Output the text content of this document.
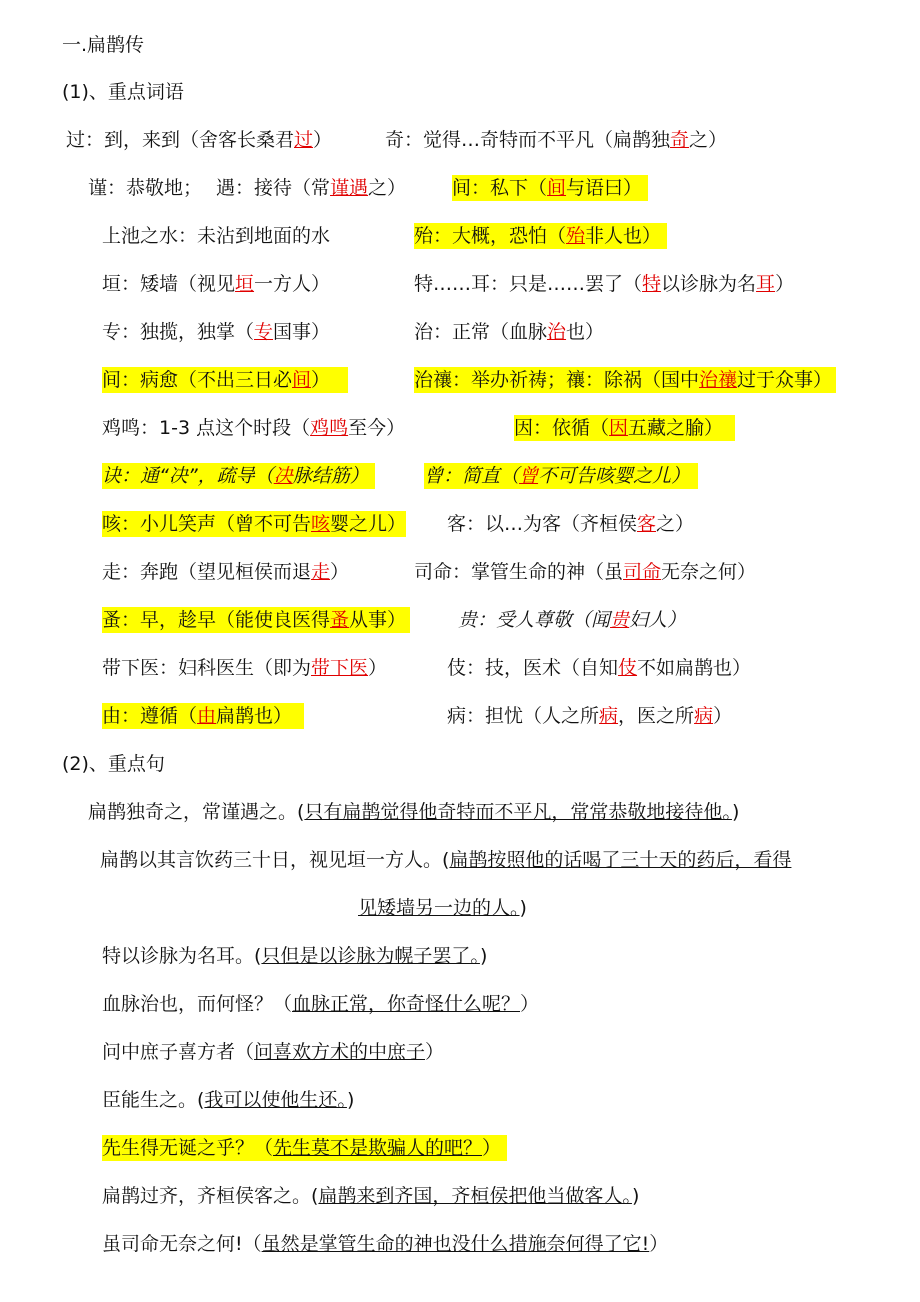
一.扁鹊传
(1)、重点词语
过：到，来到（舍客长桑君过）	奇：觉得…奇特而不平凡（扁鹊独奇之）
谨：恭敬地； 遇：接待（常谨遇之） 间：私下（间与语曰）
上池之水：未沾到地面的水	殆：大概，恐怕（殆非人也）
垣：矮墙（视见垣一方人）	特……耳：只是……罢了（特以诊脉为名耳）
专：独揽，独掌（专国事）	治：正常（血脉治也）
间：病愈（不出三日必间）	治禳：举办祈祷；禳：除祸（国中治禳过于众事）
鸡鸣：1-3 点这个时段（鸡鸣至今）	因：依循（因五藏之腧）
诀：通“决”，疏导（决脉结筋）	曾：简直（曾不可告咳婴之儿）
咳：小儿笑声（曾不可告咳婴之儿） 客：以…为客（齐桓侯客之）
走：奔跑（望见桓侯而退走）	司命：掌管生命的神（虽司命无奈之何）
蚤：早，趁早（能使良医得蚤从事）	贵：受人尊敬（闻贵妇人）
带下医：妇科医生（即为带下医）	伎：技，医术（自知伎不如扁鹊也）
由：遵循（由扁鹊也）	病：担忧（人之所病，医之所病）
(2)、重点句
扁鹊独奇之，常谨遇之。(只有扁鹊觉得他奇特而不平凡，常常恭敬地接待他。)
扁鹊以其言饮药三十日，视见垣一方人。(扁鹊按照他的话喝了三十天的药后，看得
见矮墙另一边的人。)
特以诊脉为名耳。(只但是以诊脉为幌子罢了。)
血脉治也，而何怪？（血脉正常，你奇怪什么呢？）
问中庶子喜方者（问喜欢方术的中庶子）
臣能生之。(我可以使他生还。)
先生得无诞之乎？（先生莫不是欺骗人的吧？）
扁鹊过齐，齐桓侯客之。(扁鹊来到齐国，齐桓侯把他当做客人。)
虽司命无奈之何!（虽然是掌管生命的神也没什么措施奈何得了它!）
